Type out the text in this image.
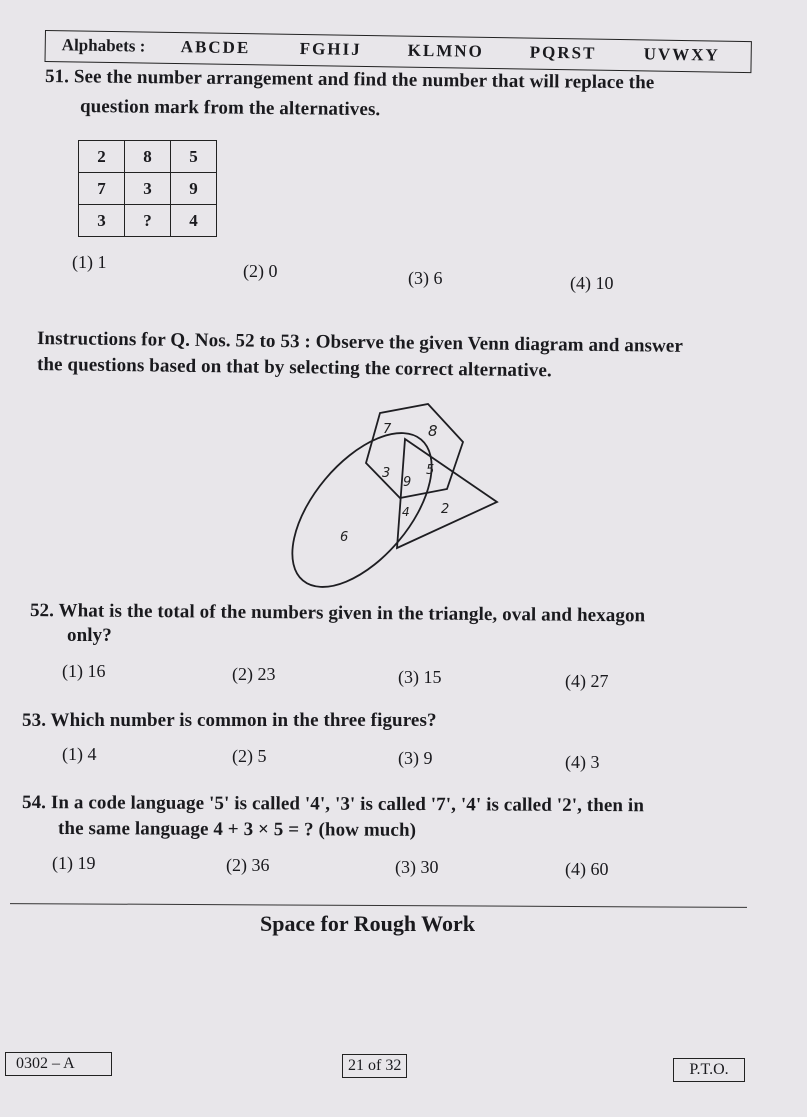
Alphabets : ABCDE	FGHIJ	KLMNO	PQRST	UVWXY
51. See the number arrangement and find the number that will replace the
question mark from the alternatives.
2	8	5
7	3	9
3	?	4
(1) 1	(2) 0	(3) 6	(4) 10
Instructions for Q. Nos. 52 to 53 : Observe the given Venn diagram and answer
the questions based on that by selecting the correct alternative.
7 8
3
9
5
4 2
6
52. What is the total of the numbers given in the triangle, oval and hexagon
only?
(1) 16	(2) 23	(3) 15	(4) 27
53. Which number is common in the three figures?
(1) 4	(2) 5	(3) 9	(4) 3
54. In a code language '5' is called '4', '3' is called '7', '4' is called '2', then in
the same language 4 + 3 × 5 = ? (how much)
(1) 19	(2) 36	(3) 30	(4) 60
Space for Rough Work
0302 – A	21 of 32	P.T.O.
